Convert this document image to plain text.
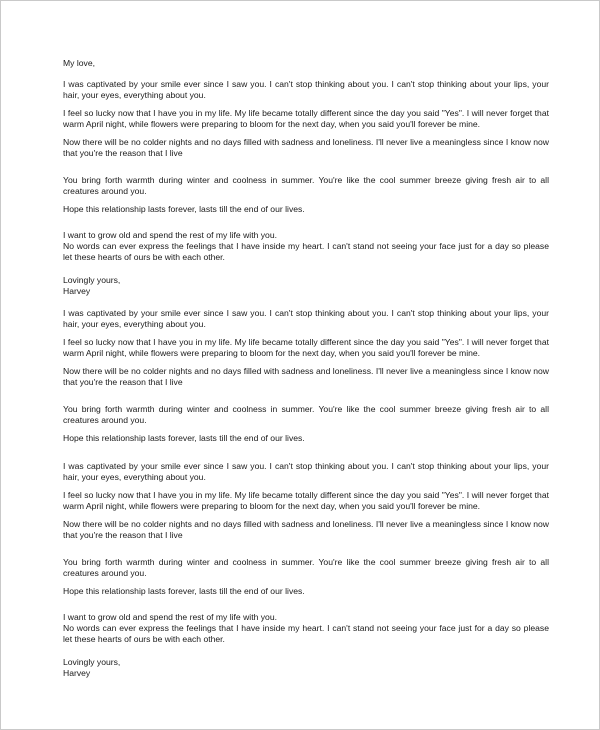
My love,

I was captivated by your smile ever since I saw you. I can't stop thinking about you. I can't stop thinking about your lips, your hair, your eyes, everything about you.

I feel so lucky now that I have you in my life. My life became totally different since the day you said "Yes". I will never forget that warm April night, while flowers were preparing to bloom for the next day, when you said you'll forever be mine.

Now there will be no colder nights and no days filled with sadness and loneliness. I'll never live a meaningless since I know now that you're the reason that I live

You bring forth warmth during winter and coolness in summer. You're like the cool summer breeze giving fresh air to all creatures around you.

Hope this relationship lasts forever, lasts till the end of our lives.

I want to grow old and spend the rest of my life with you.
No words can ever express the feelings that I have inside my heart. I can't stand not seeing your face just for a day so please let these hearts of ours be with each other.

Lovingly yours,

Harvey

I was captivated by your smile ever since I saw you. I can't stop thinking about you. I can't stop thinking about your lips, your hair, your eyes, everything about you.

I feel so lucky now that I have you in my life. My life became totally different since the day you said "Yes". I will never forget that warm April night, while flowers were preparing to bloom for the next day, when you said you'll forever be mine.

Now there will be no colder nights and no days filled with sadness and loneliness. I'll never live a meaningless since I know now that you're the reason that I live

You bring forth warmth during winter and coolness in summer. You're like the cool summer breeze giving fresh air to all creatures around you.

Hope this relationship lasts forever, lasts till the end of our lives.

I was captivated by your smile ever since I saw you. I can't stop thinking about you. I can't stop thinking about your lips, your hair, your eyes, everything about you.

I feel so lucky now that I have you in my life. My life became totally different since the day you said "Yes". I will never forget that warm April night, while flowers were preparing to bloom for the next day, when you said you'll forever be mine.

Now there will be no colder nights and no days filled with sadness and loneliness. I'll never live a meaningless since I know now that you're the reason that I live

You bring forth warmth during winter and coolness in summer. You're like the cool summer breeze giving fresh air to all creatures around you.

Hope this relationship lasts forever, lasts till the end of our lives.

I want to grow old and spend the rest of my life with you.
No words can ever express the feelings that I have inside my heart. I can't stand not seeing your face just for a day so please let these hearts of ours be with each other.

Lovingly yours,

Harvey
